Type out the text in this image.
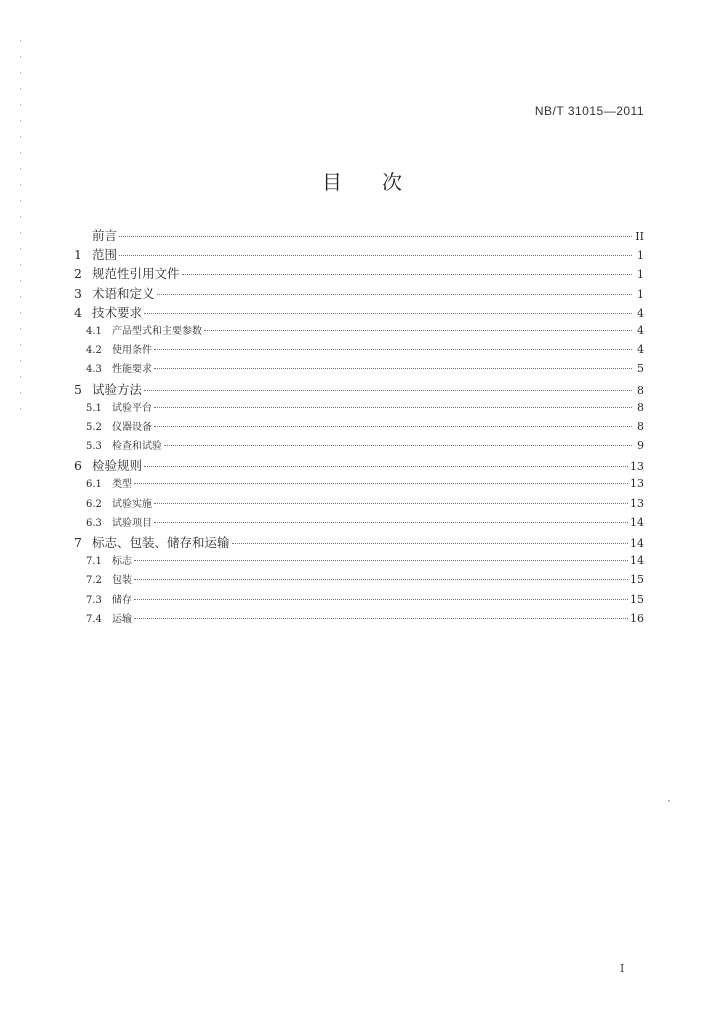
NB/T 31015—2011
目 次
前言	II
1 范围	1
2 规范性引用文件	1
3 术语和定义	1
4 技术要求	4
4.1	产品型式和主要参数	4
4.2	使用条件	4
4.3	性能要求	5
5 试验方法	8
5.1	试验平台	8
5.2	仪器设备	8
5.3	检查和试验	9
6 检验规则	13
6.1	类型	13
6.2	试验实施	13
6.3	试验项目	14
7 标志、包装、储存和运输	14
7.1	标志	14
7.2	包装	15
7.3	储存	15
7.4	运输	16
I
